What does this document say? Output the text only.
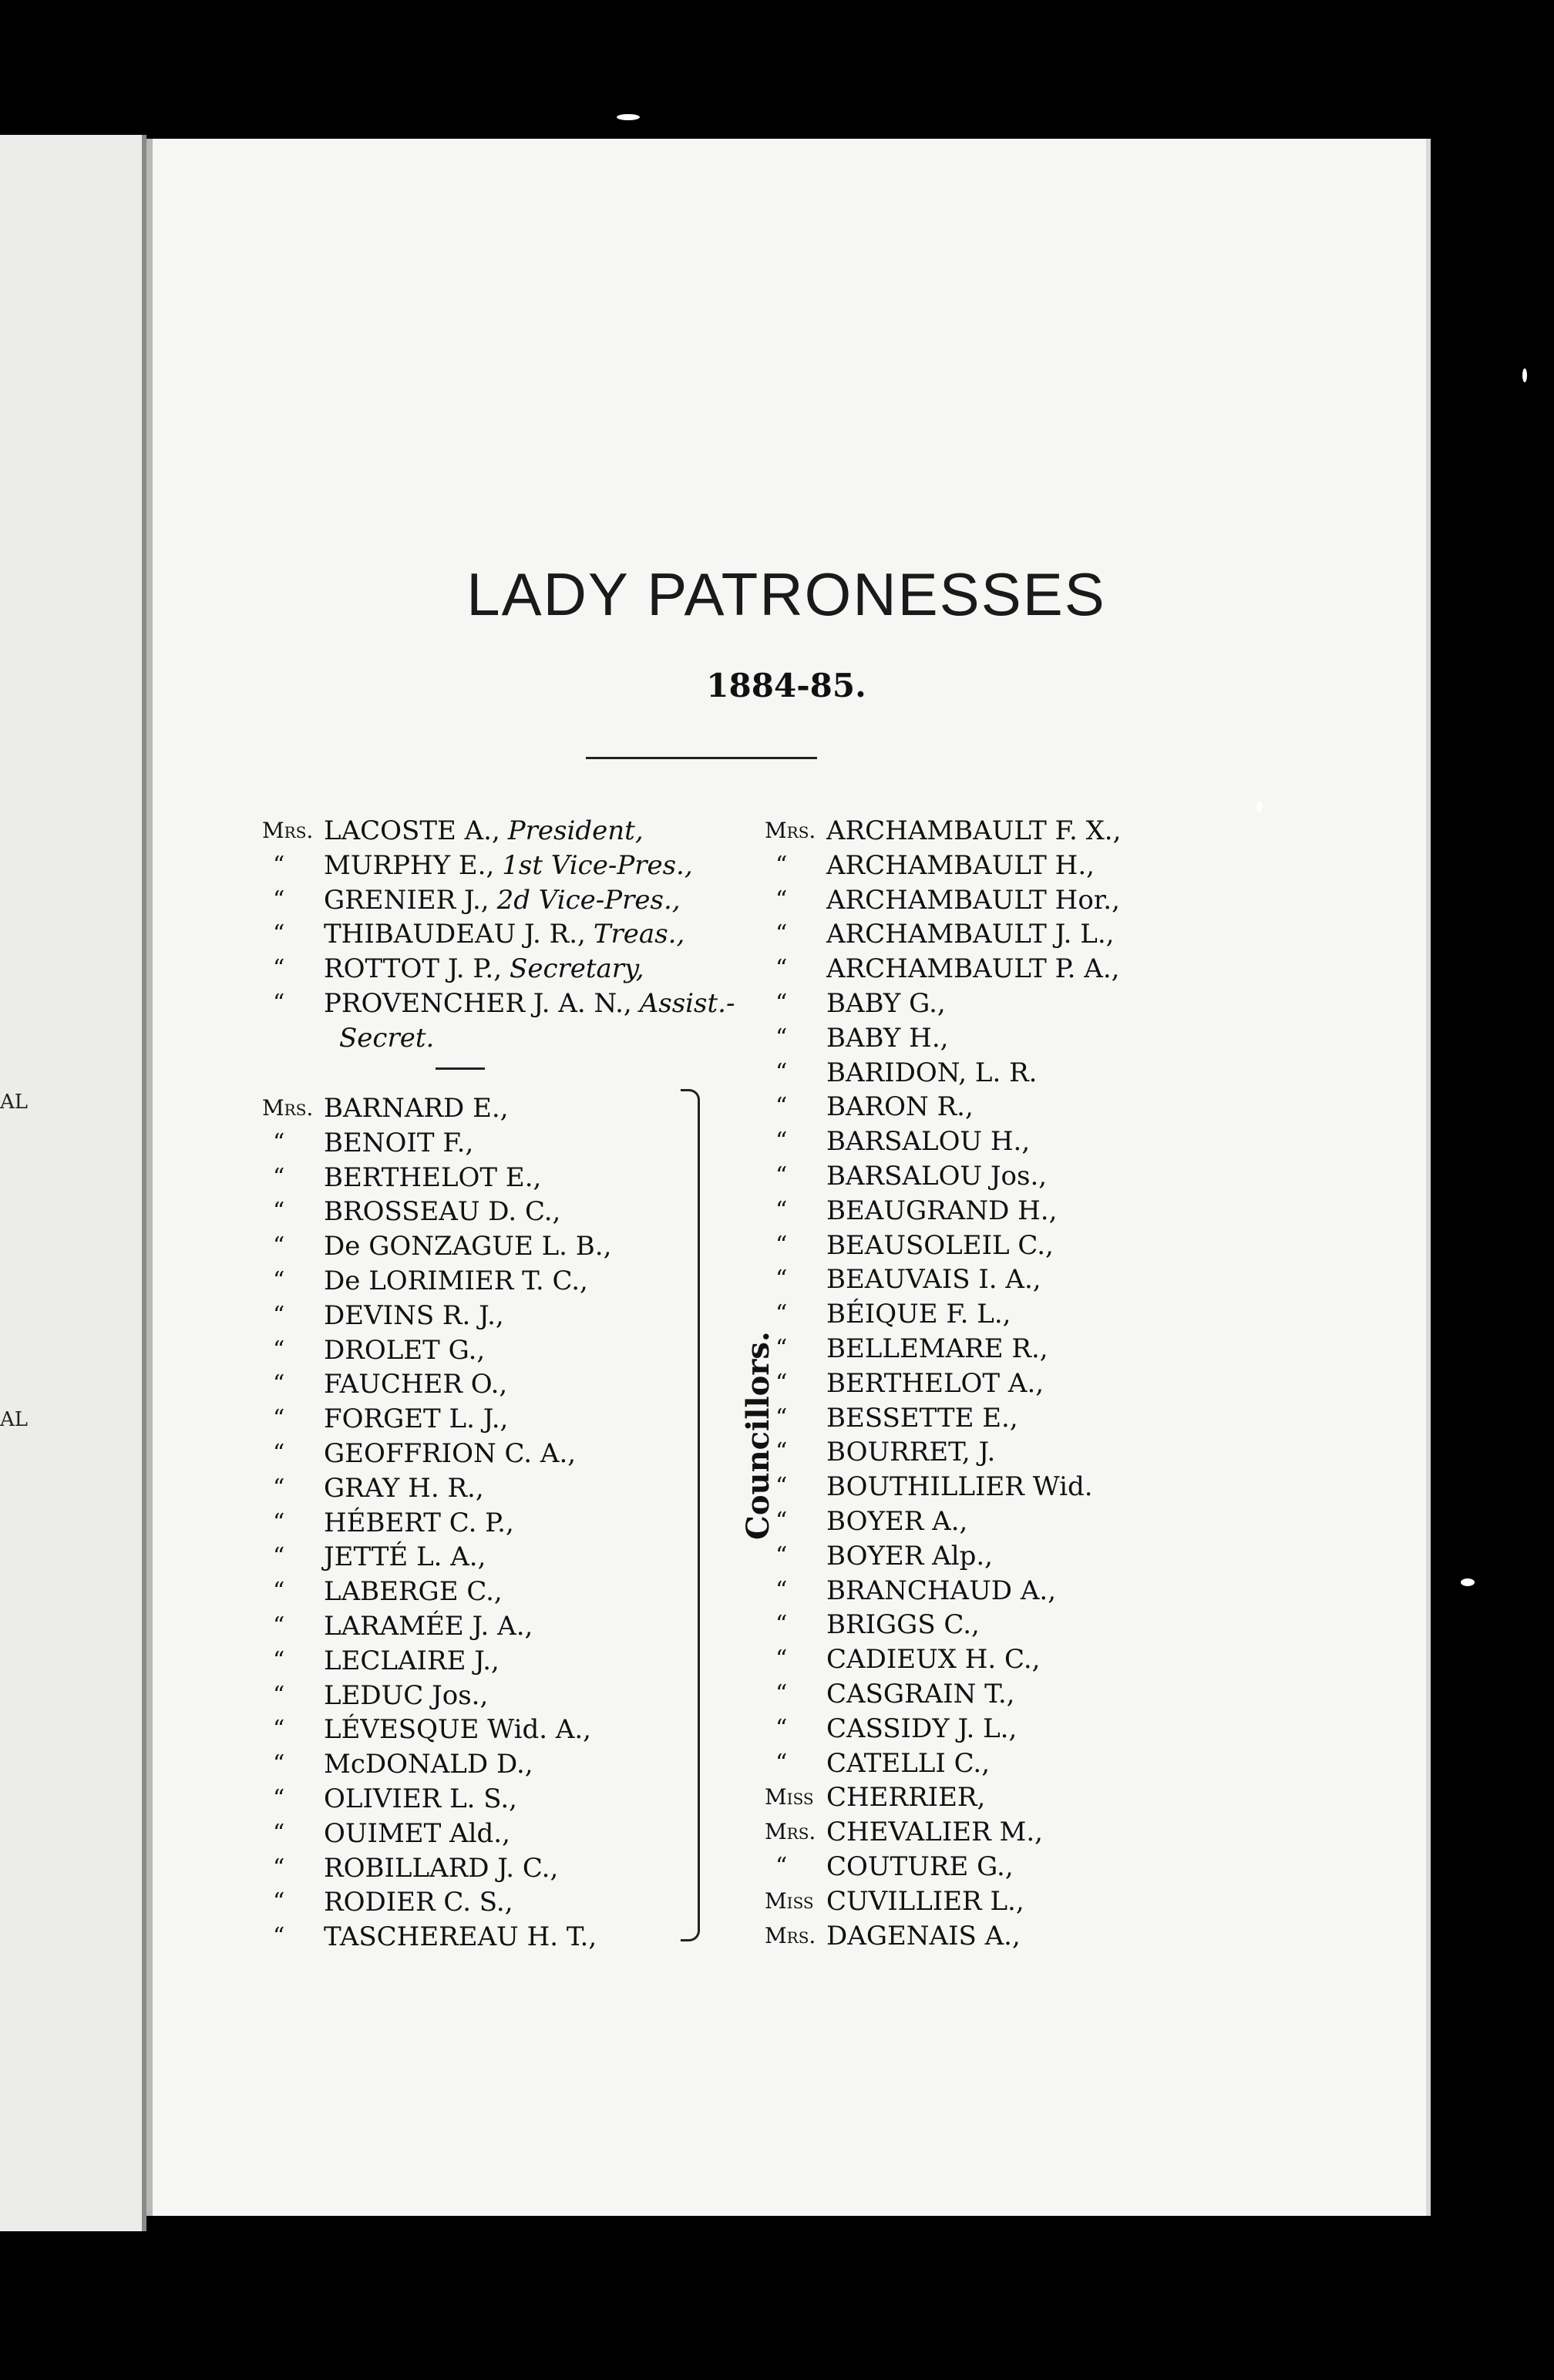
AL
AL
LADY PATRONESSES
1884-85.
Councillors.
Mrs. LACOSTE A., President,
“ MURPHY E., 1st Vice-Pres.,
“ GRENIER J., 2d Vice-Pres.,
“ THIBAUDEAU J. R., Treas.,
“ ROTTOT J. P., Secretary,
“ PROVENCHER J. A. N., Assist.-
Secret.
Mrs. BARNARD E.,
“ BENOIT F.,
“ BERTHELOT E.,
“ BROSSEAU D. C.,
“ De GONZAGUE L. B.,
“ De LORIMIER T. C.,
“ DEVINS R. J.,
“ DROLET G.,
“ FAUCHER O.,
“ FORGET L. J.,
“ GEOFFRION C. A.,
“ GRAY H. R.,
“ HÉBERT C. P.,
“ JETTÉ L. A.,
“ LABERGE C.,
“ LARAMÉE J. A.,
“ LECLAIRE J.,
“ LEDUC Jos.,
“ LÉVESQUE Wid. A.,
“ McDONALD D.,
“ OLIVIER L. S.,
“ OUIMET Ald.,
“ ROBILLARD J. C.,
“ RODIER C. S.,
“ TASCHEREAU H. T.,
Mrs. ARCHAMBAULT F. X.,
“ ARCHAMBAULT H.,
“ ARCHAMBAULT Hor.,
“ ARCHAMBAULT J. L.,
“ ARCHAMBAULT P. A.,
“ BABY G.,
“ BABY H.,
“ BARIDON, L. R.
“ BARON R.,
“ BARSALOU H.,
“ BARSALOU Jos.,
“ BEAUGRAND H.,
“ BEAUSOLEIL C.,
“ BEAUVAIS I. A.,
“ BÉIQUE F. L.,
“ BELLEMARE R.,
“ BERTHELOT A.,
“ BESSETTE E.,
“ BOURRET, J.
“ BOUTHILLIER Wid.
“ BOYER A.,
“ BOYER Alp.,
“ BRANCHAUD A.,
“ BRIGGS C.,
“ CADIEUX H. C.,
“ CASGRAIN T.,
“ CASSIDY J. L.,
“ CATELLI C.,
Miss CHERRIER,
Mrs. CHEVALIER M.,
“ COUTURE G.,
Miss CUVILLIER L.,
Mrs. DAGENAIS A.,
